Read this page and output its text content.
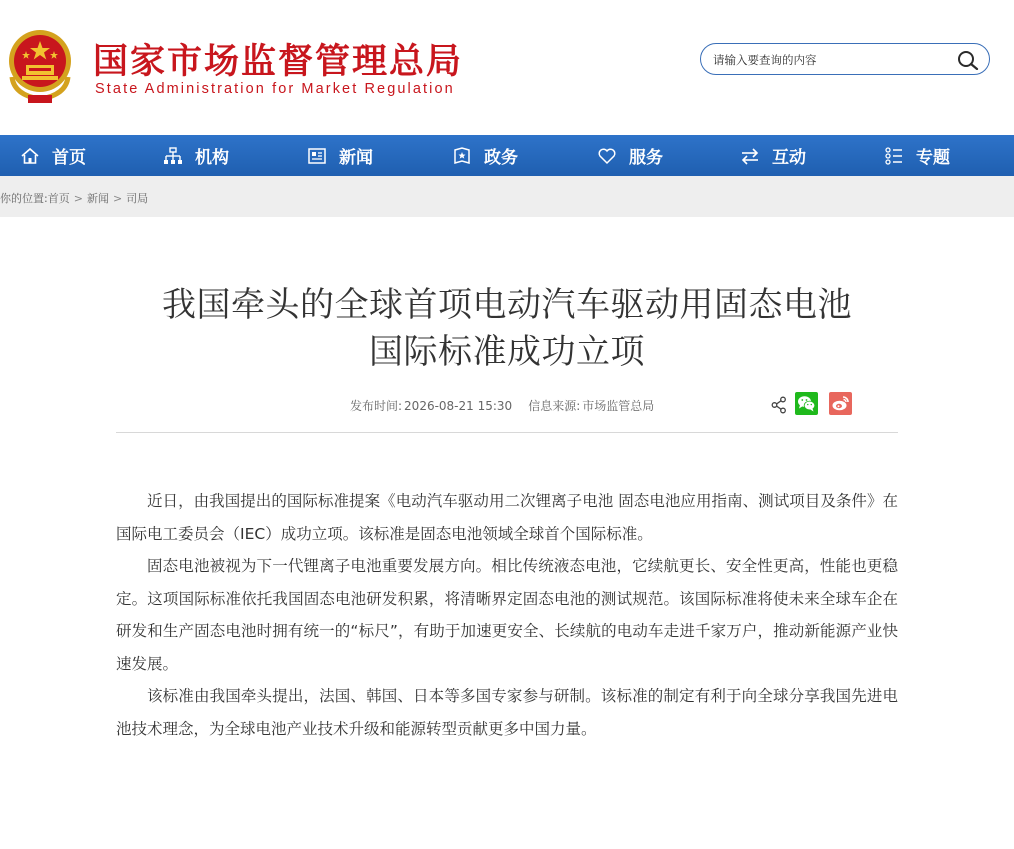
国家市场监督管理总局
State Administration for Market Regulation
请输入要查询的内容
首页	机构	新闻	政务	服务	互动	专题
你的位置:首页 > 新闻 > 司局
我国牵头的全球首项电动汽车驱动用固态电池
国际标准成功立项
发布时间: 2026-08-21 15:30 信息来源: 市场监管总局

近日，由我国提出的国际标准提案《电动汽车驱动用二次锂离子电池 固态电池应用指南、测试项目及条件》在国际电工委员会（IEC）成功立项。该标准是固态电池领域全球首个国际标准。

固态电池被视为下一代锂离子电池重要发展方向。相比传统液态电池，它续航更长、安全性更高，性能也更稳定。这项国际标准依托我国固态电池研发积累，将清晰界定固态电池的测试规范。该国际标准将使未来全球车企在研发和生产固态电池时拥有统一的“标尺”，有助于加速更安全、长续航的电动车走进千家万户，推动新能源产业快速发展。

该标准由我国牵头提出，法国、韩国、日本等多国专家参与研制。该标准的制定有利于向全球分享我国先进电池技术理念，为全球电池产业技术升级和能源转型贡献更多中国力量。
